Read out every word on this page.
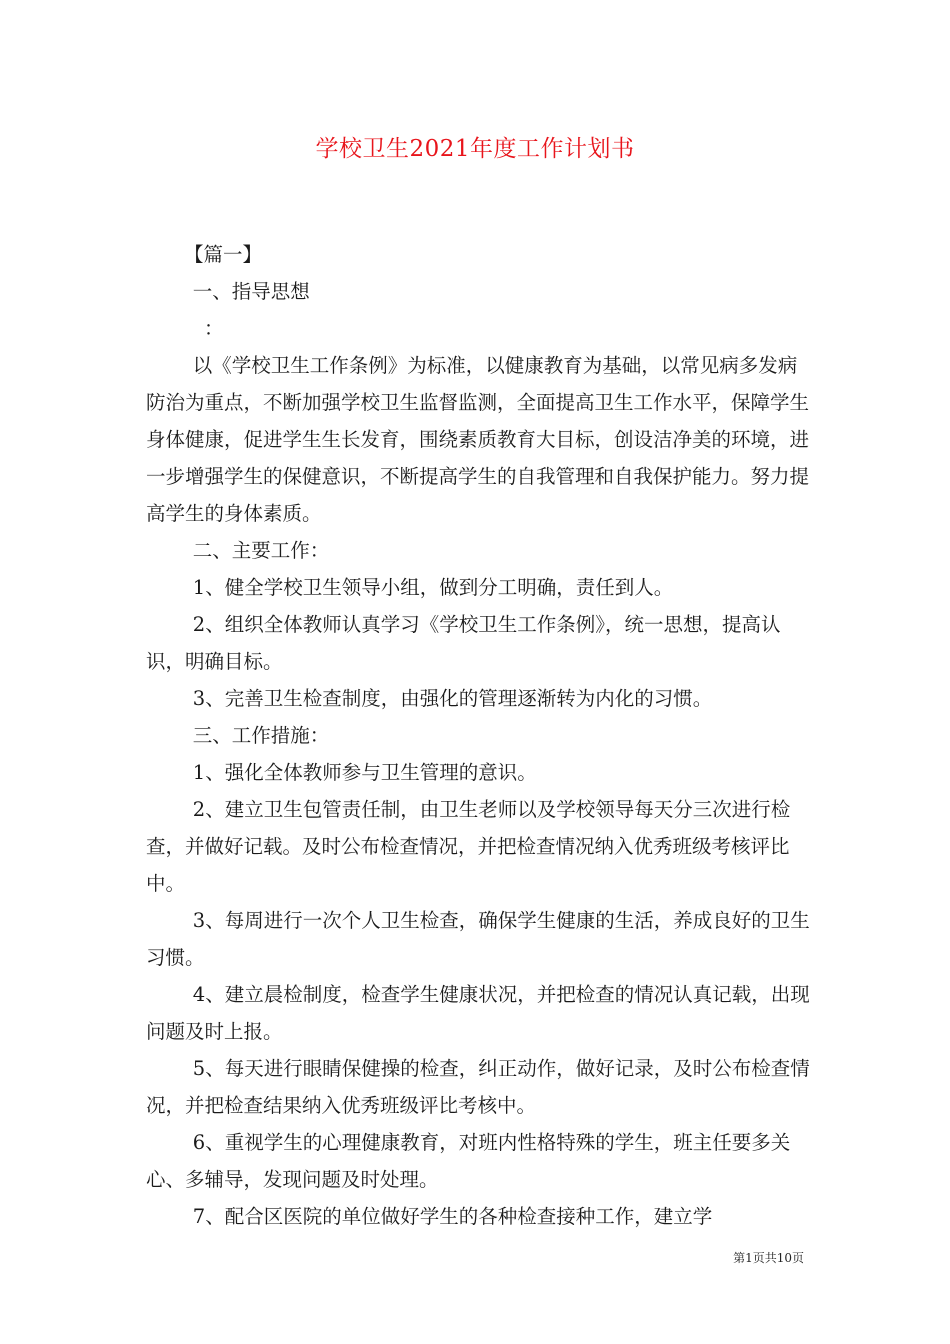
学校卫生2021年度工作计划书

【篇一】

一、指导思想

：

以《学校卫生工作条例》为标准，以健康教育为基础，以常见病多发病防治为重点，不断加强学校卫生监督监测，全面提高卫生工作水平，保障学生身体健康，促进学生生长发育，围绕素质教育大目标，创设洁净美的环境，进一步增强学生的保健意识，不断提高学生的自我管理和自我保护能力。努力提高学生的身体素质。

二、主要工作：

1、健全学校卫生领导小组，做到分工明确，责任到人。

2、组织全体教师认真学习《学校卫生工作条例》，统一思想，提高认识，明确目标。

3、完善卫生检查制度，由强化的管理逐渐转为内化的习惯。

三、工作措施：

1、强化全体教师参与卫生管理的意识。

2、建立卫生包管责任制，由卫生老师以及学校领导每天分三次进行检查，并做好记载。及时公布检查情况，并把检查情况纳入优秀班级考核评比中。

3、每周进行一次个人卫生检查，确保学生健康的生活，养成良好的卫生习惯。

4、建立晨检制度，检查学生健康状况，并把检查的情况认真记载，出现问题及时上报。

5、每天进行眼睛保健操的检查，纠正动作，做好记录，及时公布检查情况，并把检查结果纳入优秀班级评比考核中。

6、重视学生的心理健康教育，对班内性格特殊的学生，班主任要多关心、多辅导，发现问题及时处理。

7、配合区医院的单位做好学生的各种检查接种工作，建立学

第1页共10页
